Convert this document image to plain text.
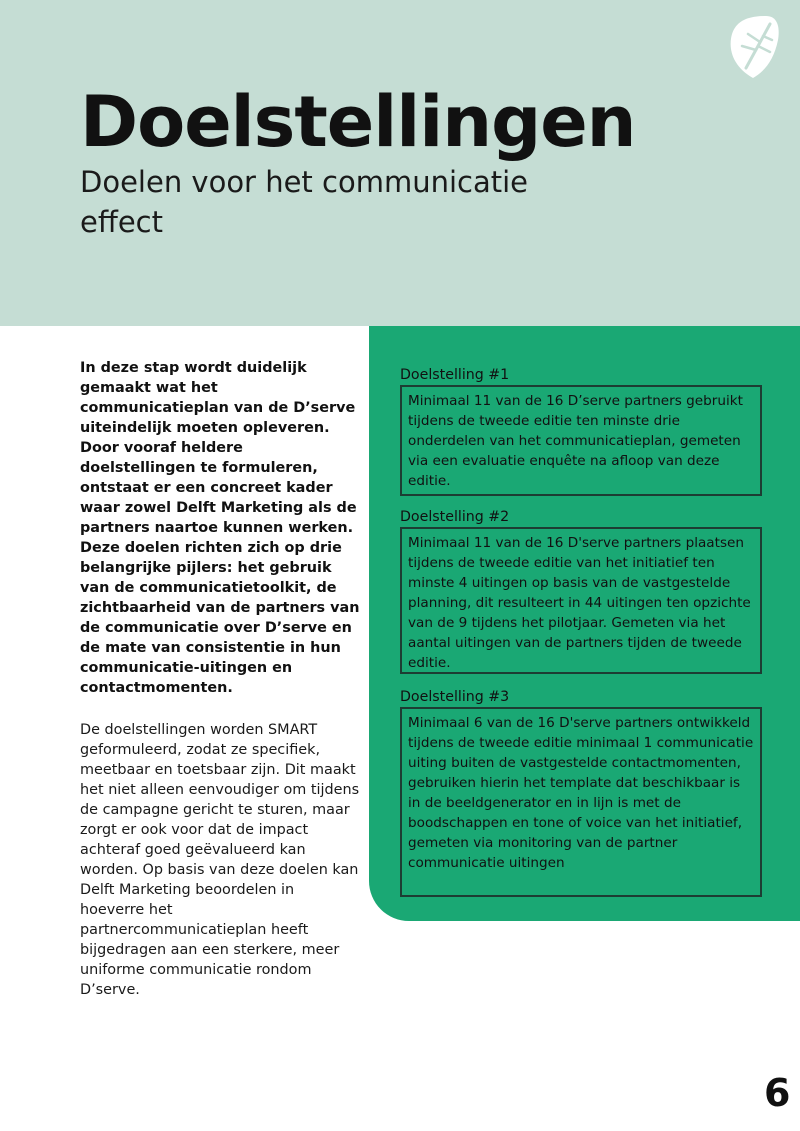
Doelstellingen
Doelen voor het communicatie effect

In deze stap wordt duidelijk gemaakt wat het communicatieplan van de D’serve uiteindelijk moeten opleveren. Door vooraf heldere doelstellingen te formuleren, ontstaat er een concreet kader waar zowel Delft Marketing als de partners naartoe kunnen werken. Deze doelen richten zich op drie belangrijke pijlers: het gebruik van de communicatietoolkit, de zichtbaarheid van de partners van de communicatie over D’serve en de mate van consistentie in hun communicatie-uitingen en contactmomenten.

De doelstellingen worden SMART geformuleerd, zodat ze specifiek, meetbaar en toetsbaar zijn. Dit maakt het niet alleen eenvoudiger om tijdens de campagne gericht te sturen, maar zorgt er ook voor dat de impact achteraf goed geëvalueerd kan worden. Op basis van deze doelen kan Delft Marketing beoordelen in hoeverre het partnercommunicatieplan heeft bijgedragen aan een sterkere, meer uniforme communicatie rondom D’serve.

Doelstelling #1

Minimaal 11 van de 16 D’serve partners gebruikt tijdens de tweede editie ten minste drie onderdelen van het communicatieplan, gemeten via een evaluatie enquête na afloop van deze editie.

Doelstelling #2

Minimaal 11 van de 16 D'serve partners plaatsen tijdens de tweede editie van het initiatief ten minste 4 uitingen op basis van de vastgestelde planning, dit resulteert in 44 uitingen ten opzichte van de 9 tijdens het pilotjaar. Gemeten via het aantal uitingen van de partners tijden de tweede editie.

Doelstelling #3

Minimaal 6 van de 16 D'serve partners ontwikkeld tijdens de tweede editie minimaal 1 communicatie uiting buiten de vastgestelde contactmomenten, gebruiken hierin het template dat beschikbaar is in de beeldgenerator en in lijn is met de boodschappen en tone of voice van het initiatief, gemeten via monitoring van de partner communicatie uitingen

6
